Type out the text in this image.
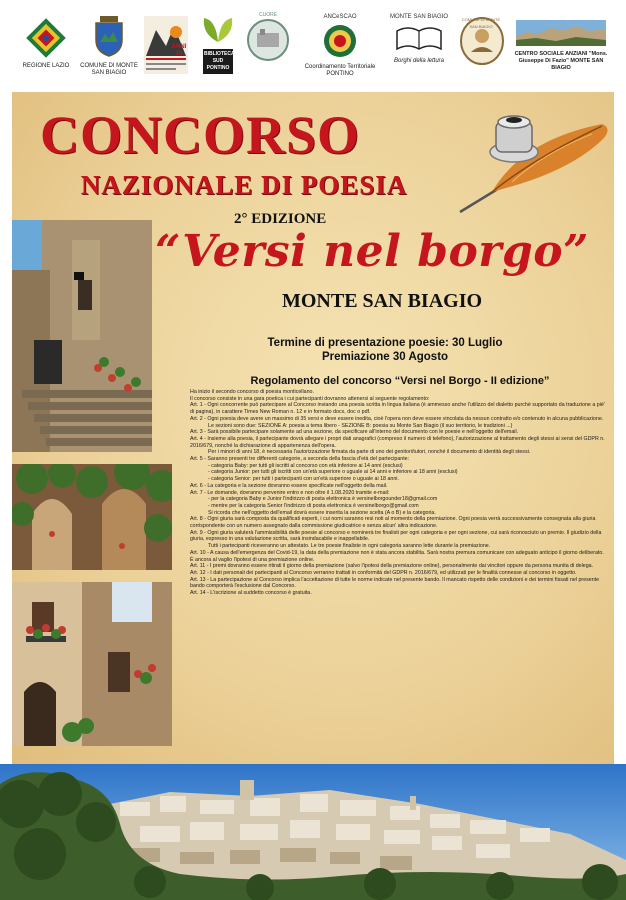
REGIONE LAZIO	COMUNE DI MONTE SAN BIAGIO
ANNI 10	BIBLIOTECA SUD PONTINO
CUORE	ANCeSCAO
Coordinamento Territoriale PONTINO
MONTE SAN BIAGIO
Borghi della lettura
COMUNE DI MONTE SAN BIAGIO
CENTRO SOCIALE ANZIANI "Mons. Giuseppe Di Fazio" MONTE SAN BIAGIO
CONCORSO
NAZIONALE DI POESIA
2° EDIZIONE
“Versi nel borgo”
MONTE SAN BIAGIO
Termine di presentazione poesie: 30 Luglio
Premiazione 30 Agosto
Regolamento del concorso “Versi nel Borgo - II edizione”

Ha inizio il secondo concorso di poesia monticellano.

Il concorso consiste in una gara poetica i cui partecipanti dovranno attenersi al seguente regolamento:

Art. 1 - Ogni concorrente può partecipare al Concorso inviando una poesia scritta in lingua italiana (è ammesso anche l'utilizzo del dialetto purché supportato da traduzione a piè' di pagina), in carattere Times New Roman n. 12 e in formato docx, doc o pdf.

Art. 2 - Ogni poesia deve avere un massimo di 35 versi e deve essere inedita, cioè l'opera non deve essere vincolata da nessun contratto e/o contenuto in alcuna pubblicazione.

Le sezioni sono due: SEZIONE A: poesia a tema libero - SEZIONE B: poesia su Monte San Biagio (il suo territorio, le tradizioni ...)

Art. 3 - Sarà possibile partecipare solamente ad una sezione, da specificare all'interno del documento con le poesie e nell'oggetto dell'email.

Art. 4 - Insieme alla poesia, il partecipante dovrà allegare i propri dati anagrafici (compreso il numero di telefono), l'autorizzazione al trattamento degli stessi ai sensi del GDPR n. 2016/679, nonché la dichiarazione di appartenenza dell'opera.

Per i minori di anni 18, è necessaria l'autorizzazione firmata da parte di uno dei genitori/tutori, nonché il documento di identità degli stessi.

Art. 5 - Saranno presenti tre differenti categorie, a seconda della fascia d'età del partecipante:

- categoria Baby: per tutti gli iscritti al concorso con età inferiore ai 14 anni (esclusi)

- categoria Junior: per tutti gli iscritti con un'età superiore o uguale ai 14 anni e inferiore ai 18 anni (esclusi)

- categoria Senior: per tutti i partecipanti con un'età superiore o uguale ai 18 anni.

Art. 6 - La categoria e la sezione dovranno essere specificate nell'oggetto della mail.

Art. 7 - Le domande, dovranno pervenire entro e non oltre il 1.08.2020 tramite e-mail:

- per la categoria Baby e Junior l'indirizzo di posta elettronica è versinelborgounder18@gmail.com

- mentre per la categoria Senior l'indirizzo di posta elettronica è versinelborgo@gmail.com

Si ricorda che nell'oggetto dell'email dovrà essere inserita la sezione scelta (A o B) e la categoria.

Art. 8 - Ogni giuria sarà composta da qualificati esperti, i cui nomi saranno resi noti al momento della premiazione. Ogni poesia verrà successivamente consegnata alla giuria corrispondente con un numero assegnato dalla commissione giudicatrice e senza alcun' altra indicazione.

Art. 9 - Ogni giuria valuterà l'ammissibilità delle poesie al concorso e nominerà tre finalisti per ogni categoria e per ogni sezione, cui sarà riconosciuto un premio. Il giudizio della giuria, espresso in una valutazione scritta, sarà insindacabile e inappellabile.

Tutti i partecipanti riceveranno un attestato. Le tre poesie finaliste in ogni categoria saranno lette durante la premiazione.

Art. 10 - A causa dell'emergenza del Covid-19, la data della premiazione non è stata ancora stabilita. Sarà nostra premura comunicare con adeguato anticipo il giorno deliberato. È ancora al vaglio l'ipotesi di una premiazione online.

Art. 11 - I premi dovranno essere ritirati il giorno della premiazione (salvo l'ipotesi della premiazione online), personalmente dai vincitori oppure da persona munita di delega.

Art. 12 - I dati personali dei partecipanti al Concorso verranno trattati in conformità del GDPR n. 2016/679, ed utilizzati per le finalità connesse al concorso in oggetto.

Art. 13 - La partecipazione al Concorso implica l'accettazione di tutte le norme indicate nel presente bando. Il mancato rispetto delle condizioni e dei termini fissati nel presente bando comporterà l'esclusione dal Concorso.

Art. 14 - L'iscrizione al suddetto concorso è gratuita.
